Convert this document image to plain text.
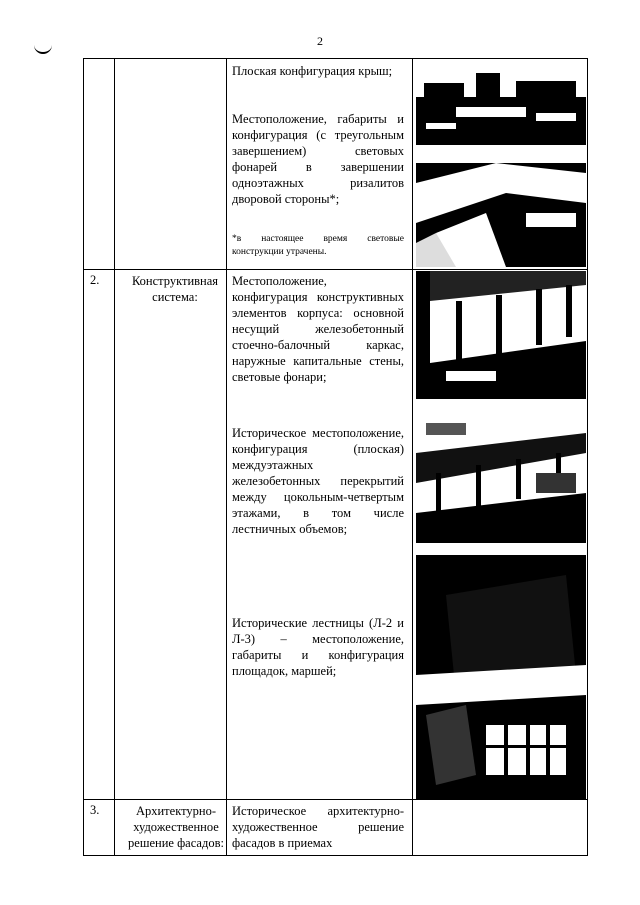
2
Плоская конфигурация крыш;
Местоположение, габариты и конфигурация (с треугольным завершением) световых фонарей в завершении одноэтажных ризалитов дворовой стороны*;
*в настоящее время световые конструкции утрачены.
2.	Конструктивная система:
Местоположение, конфигурация конструктивных элементов корпуса: основной несущий железобетонный стоечно-балочный каркас, наружные капитальные стены, световые фонари;
Историческое местоположение, конфигурация (плоская) междуэтажных железобетонных перекрытий между цокольным-четвертым этажами, в том числе лестничных объемов;
Исторические лестницы (Л-2 и Л-3) – местоположение, габариты и конфигурация площадок, маршей;
3.	Архитектурно-художественное решение фасадов:
Историческое архитектурно-художественное решение фасадов в приемах
